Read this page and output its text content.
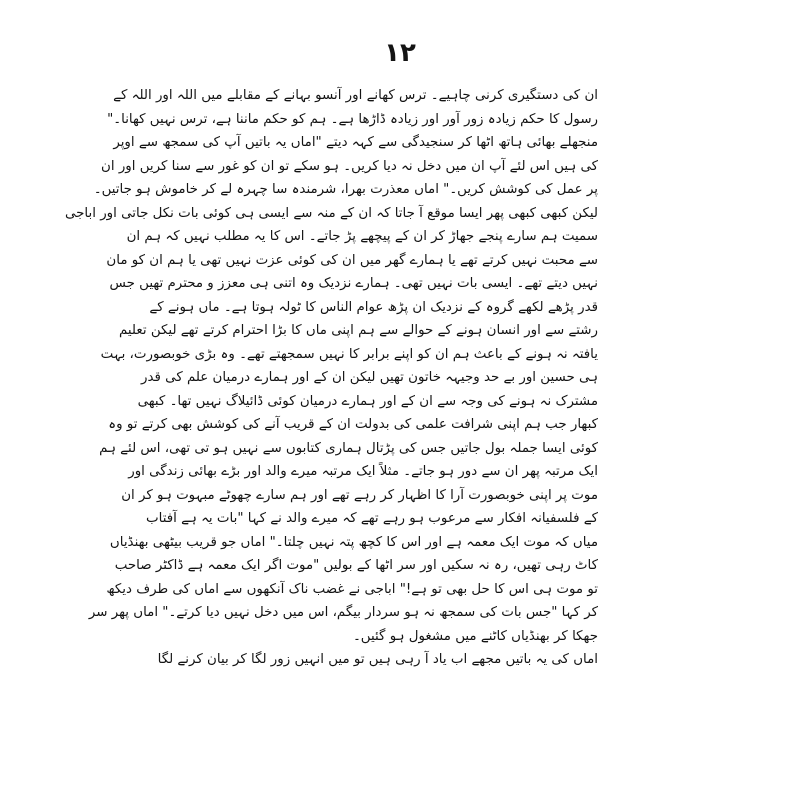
۱۲
ان کی دستگیری کرنی چاہیے۔ ترس کھانے اور آنسو بہانے کے مقابلے میں اللہ اور اللہ کے
رسول کا حکم زیادہ زور آور اور زیادہ ڈاڑھا ہے۔ ہم کو حکم ماننا ہے، ترس نہیں کھانا۔"
منجھلے بھائی ہاتھ اٹھا کر سنجیدگی سے کہہ دیتے "اماں یہ باتیں آپ کی سمجھ سے اوپر
کی ہیں اس لئے آپ ان میں دخل نہ دیا کریں۔ ہو سکے تو ان کو غور سے سنا کریں اور ان
پر عمل کی کوشش کریں۔" اماں معذرت بھرا، شرمندہ سا چہرہ لے کر خاموش ہو جاتیں۔
لیکن کبھی کبھی پھر ایسا موقع آ جاتا کہ ان کے منہ سے ایسی ہی کوئی بات نکل جاتی اور اباجی
سمیت ہم سارے پنجے جھاڑ کر ان کے پیچھے پڑ جاتے۔ اس کا یہ مطلب نہیں کہ ہم ان
سے محبت نہیں کرتے تھے یا ہمارے گھر میں ان کی کوئی عزت نہیں تھی یا ہم ان کو مان
نہیں دیتے تھے۔ ایسی بات نہیں تھی۔ ہمارے نزدیک وہ اتنی ہی معزز و محترم تھیں جس
قدر پڑھے لکھے گروہ کے نزدیک ان پڑھ عوام الناس کا ٹولہ ہوتا ہے۔ ماں ہونے کے
رشتے سے اور انسان ہونے کے حوالے سے ہم اپنی ماں کا بڑا احترام کرتے تھے لیکن تعلیم
یافتہ نہ ہونے کے باعث ہم ان کو اپنے برابر کا نہیں سمجھتے تھے۔ وہ بڑی خوبصورت، بہت
ہی حسین اور بے حد وجیہہ خاتون تھیں لیکن ان کے اور ہمارے درمیان علم کی قدر
مشترک نہ ہونے کی وجہ سے ان کے اور ہمارے درمیان کوئی ڈائیلاگ نہیں تھا۔ کبھی
کبھار جب ہم اپنی شرافت علمی کی بدولت ان کے قریب آنے کی کوشش بھی کرتے تو وہ
کوئی ایسا جملہ بول جاتیں جس کی پڑتال ہماری کتابوں سے نہیں ہو تی تھی، اس لئے ہم
ایک مرتبہ پھر ان سے دور ہو جاتے۔ مثلاً ایک مرتبہ میرے والد اور بڑے بھائی زندگی اور
موت پر اپنی خوبصورت آرا کا اظہار کر رہے تھے اور ہم سارے چھوٹے مبہوت ہو کر ان
کے فلسفیانہ افکار سے مرعوب ہو رہے تھے کہ میرے والد نے کہا "بات یہ ہے آفتاب
میاں کہ موت ایک معمہ ہے اور اس کا کچھ پتہ نہیں چلتا۔" اماں جو قریب بیٹھی بھنڈیاں
کاٹ رہی تھیں، رہ نہ سکیں اور سر اٹھا کے بولیں "موت اگر ایک معمہ ہے ڈاکٹر صاحب
تو موت ہی اس کا حل بھی تو ہے!" اباجی نے غضب ناک آنکھوں سے اماں کی طرف دیکھ
کر کہا "جس بات کی سمجھ نہ ہو سردار بیگم، اس میں دخل نہیں دیا کرتے۔" اماں پھر سر
جھکا کر بھنڈیاں کاٹنے میں مشغول ہو گئیں۔
اماں کی یہ باتیں مجھے اب یاد آ رہی ہیں تو میں انہیں زور لگا کر بیان کرنے لگا
